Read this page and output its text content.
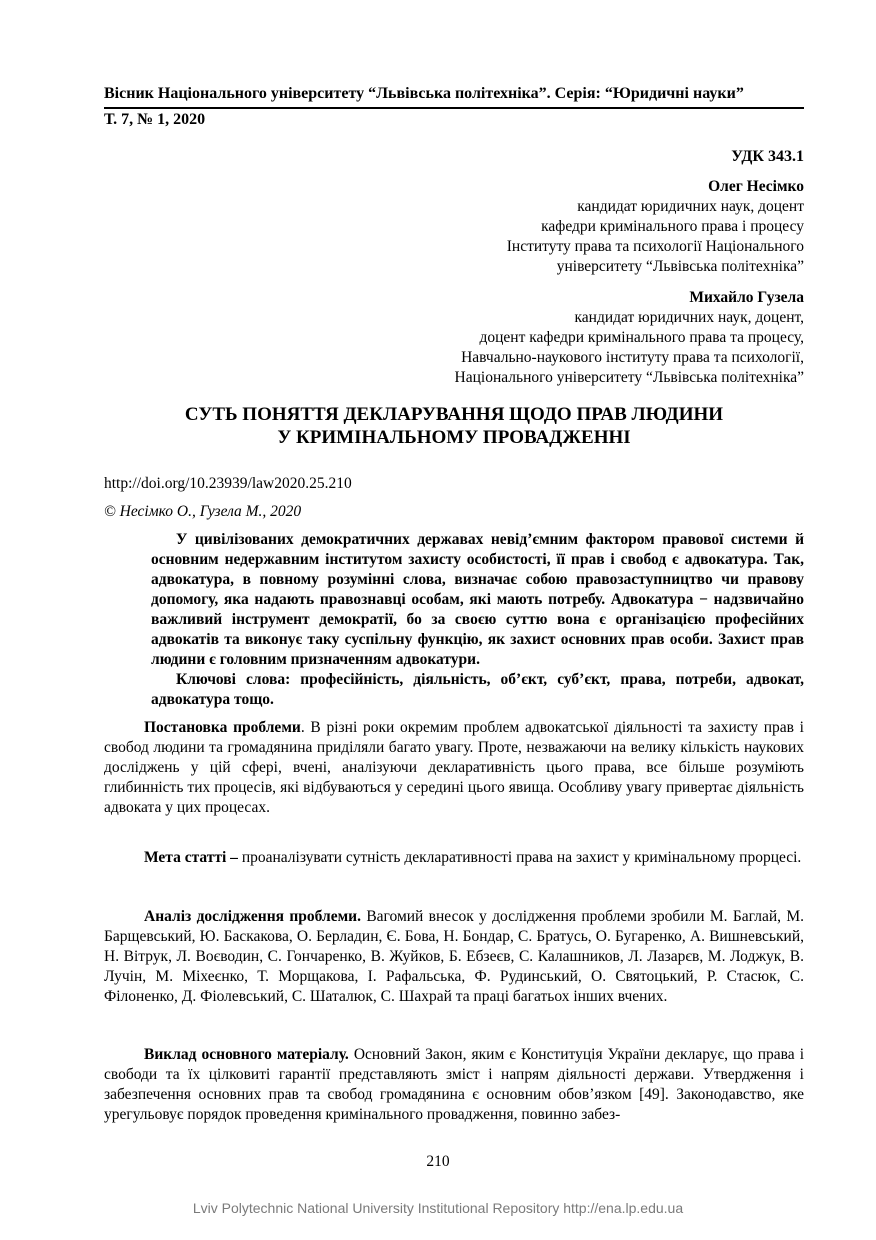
Вісник Національного університету “Львівська політехніка”. Серія: “Юридичні науки”
Т. 7, № 1, 2020
УДК 343.1
Олег Несімко
кандидат юридичних наук, доцент
кафедри кримінального права і процесу
Інституту права та психології Національного
університету “Львівська політехніка”
Михайло Гузела
кандидат юридичних наук, доцент,
доцент кафедри кримінального права та процесу,
Навчально-наукового інституту права та психології,
Національного університету “Львівська політехніка”
СУТЬ ПОНЯТТЯ ДЕКЛАРУВАННЯ ЩОДО ПРАВ ЛЮДИНИ
У КРИМІНАЛЬНОМУ ПРОВАДЖЕННІ
http://doi.org/10.23939/law2020.25.210
© Несімко О., Гузела М., 2020

У цивілізованих демократичних державах невід’ємним фактором правової системи й основним недержавним інститутом захисту особистості, її прав і свобод є адвокатура. Так, адвокатура, в повному розумінні слова, визначає собою правозаступництво чи правову допомогу, яка надають правознавці особам, які мають потребу. Адвокатура − надзвичайно важливий інструмент демократії, бо за своєю суттю вона є організацією професійних адвокатів та виконує таку суспільну функцію, як захист основних прав особи. Захист прав людини є головним призначенням адвокатури.

Ключові слова: професійність, діяльність, об’єкт, суб’єкт, права, потреби, адвокат, адвокатура тощо.

Постановка проблеми. В різні роки окремим проблем адвокатської діяльності та захисту прав і свобод людини та громадянина приділяли багато увагу. Проте, незважаючи на велику кількість наукових досліджень у цій сфері, вчені, аналізуючи декларативність цього права, все більше розуміють глибинність тих процесів, які відбуваються у середині цього явища. Особливу увагу привертає діяльність адвоката у цих процесах.

Мета статті – проаналізувати сутність декларативності права на захист у кримінальному прорцесі.

Аналіз дослідження проблеми. Вагомий внесок у дослідження проблеми зробили М. Баглай, М. Барщевський, Ю. Баскакова, О. Берладин, Є. Бова, Н. Бондар, С. Братусь, О. Бугаренко, А. Вишневський, Н. Вітрук, Л. Воєводин, С. Гончаренко, В. Жуйков, Б. Ебзеєв, С. Калашников, Л. Лазарєв, М. Лоджук, В. Лучін, М. Міхеєнко, Т. Морщакова, І. Рафальська, Ф. Рудинський, О. Святоцький, Р. Стасюк, С. Філоненко, Д. Фіолевський, С. Шаталюк, С. Шахрай та праці багатьох інших вчених.

Виклад основного матеріалу. Основний Закон, яким є Конституція України декларує, що права і свободи та їх цілковиті гарантії представляють зміст і напрям діяльності держави. Утвердження і забезпечення основних прав та свобод громадянина є основним обов’язком [49]. Законодавство, яке урегульовує порядок проведення кримінального провадження, повинно забез-

210
Lviv Polytechnic National University Institutional Repository http://ena.lp.edu.ua
